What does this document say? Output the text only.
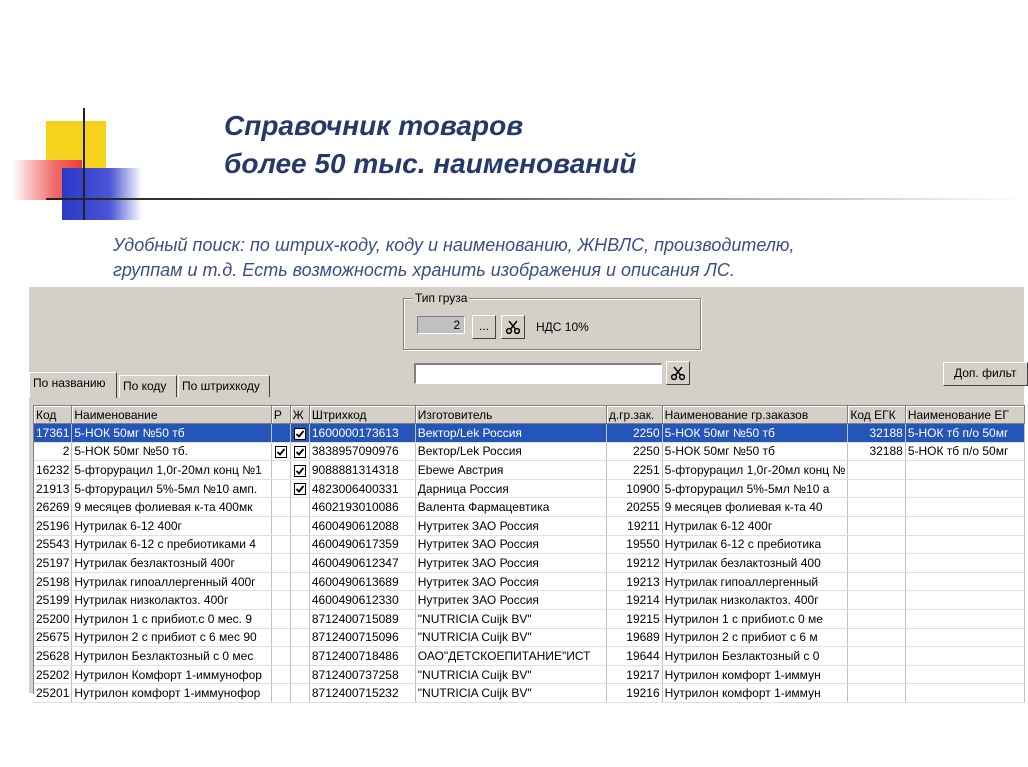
Справочник товаров
более 50 тыс. наименований
Удобный поиск: по штрих-коду, коду и наименованию, ЖНВЛС, производителю,
группам и т.д. Есть возможность хранить изображения и описания ЛС.
Тип груза
2	...	НДС 10%
Доп. фильт
По названию	По коду	По штрихкоду
Код	Наименование	Р	Ж	Штрихкод	Изготовитель	д.гр.зак.	Наименование гр.заказов	Код ЕГК	Наименование ЕГ
17361	5-НОК 50мг №50 тб			1600000173613	Вектор/Lek Россия	2250	5-НОК 50мг №50 тб	32188	5-НОК тб п/о 50мг
2	5-НОК 50мг №50 тб.			3838957090976	Вектор/Lek Россия	2250	5-НОК 50мг №50 тб	32188	5-НОК тб п/о 50мг
16232	5-фторурацил 1,0г-20мл конц №1			9088881314318	Ebewe Австрия	2251	5-фторурацил 1,0г-20мл конц №		
21913	5-фторурацил 5%-5мл №10 амп.			4823006400331	Дарница Россия	10900	5-фторурацил 5%-5мл №10 а		
26269	9 месяцев фолиевая к-та 400мк			4602193010086	Валента Фармацевтика	20255	9 месяцев фолиевая к-та 40		
25196	Нутрилак 6-12 400г			4600490612088	Нутритек ЗАО Россия	19211	Нутрилак 6-12 400г		
25543	Нутрилак 6-12 с пребиотиками 4			4600490617359	Нутритек ЗАО Россия	19550	Нутрилак 6-12 с пребиотика		
25197	Нутрилак безлактозный 400г			4600490612347	Нутритек ЗАО Россия	19212	Нутрилак безлактозный 400		
25198	Нутрилак гипоаллергенный 400г			4600490613689	Нутритек ЗАО Россия	19213	Нутрилак гипоаллергенный		
25199	Нутрилак низколактоз. 400г			4600490612330	Нутритек ЗАО Россия	19214	Нутрилак низколактоз. 400г		
25200	Нутрилон 1 с прибиот.с 0 мес. 9			8712400715089	"NUTRICIA Cuijk BV"	19215	Нутрилон 1 с прибиот.с 0 ме		
25675	Нутрилон 2 с прибиот с 6 мес 90			8712400715096	"NUTRICIA Cuijk BV"	19689	Нутрилон 2 с прибиот с 6 м		
25628	Нутрилон Безлактозный с 0 мес			8712400718486	ОАО"ДЕТСКОЕПИТАНИЕ"ИСТ	19644	Нутрилон Безлактозный с 0		
25202	Нутрилон Комфорт 1-иммунофор			8712400737258	"NUTRICIA Cuijk BV"	19217	Нутрилон комфорт 1-иммун		
25201	Нутрилон комфорт 1-иммунофор			8712400715232	"NUTRICIA Cuijk BV"	19216	Нутрилон комфорт 1-иммун		
